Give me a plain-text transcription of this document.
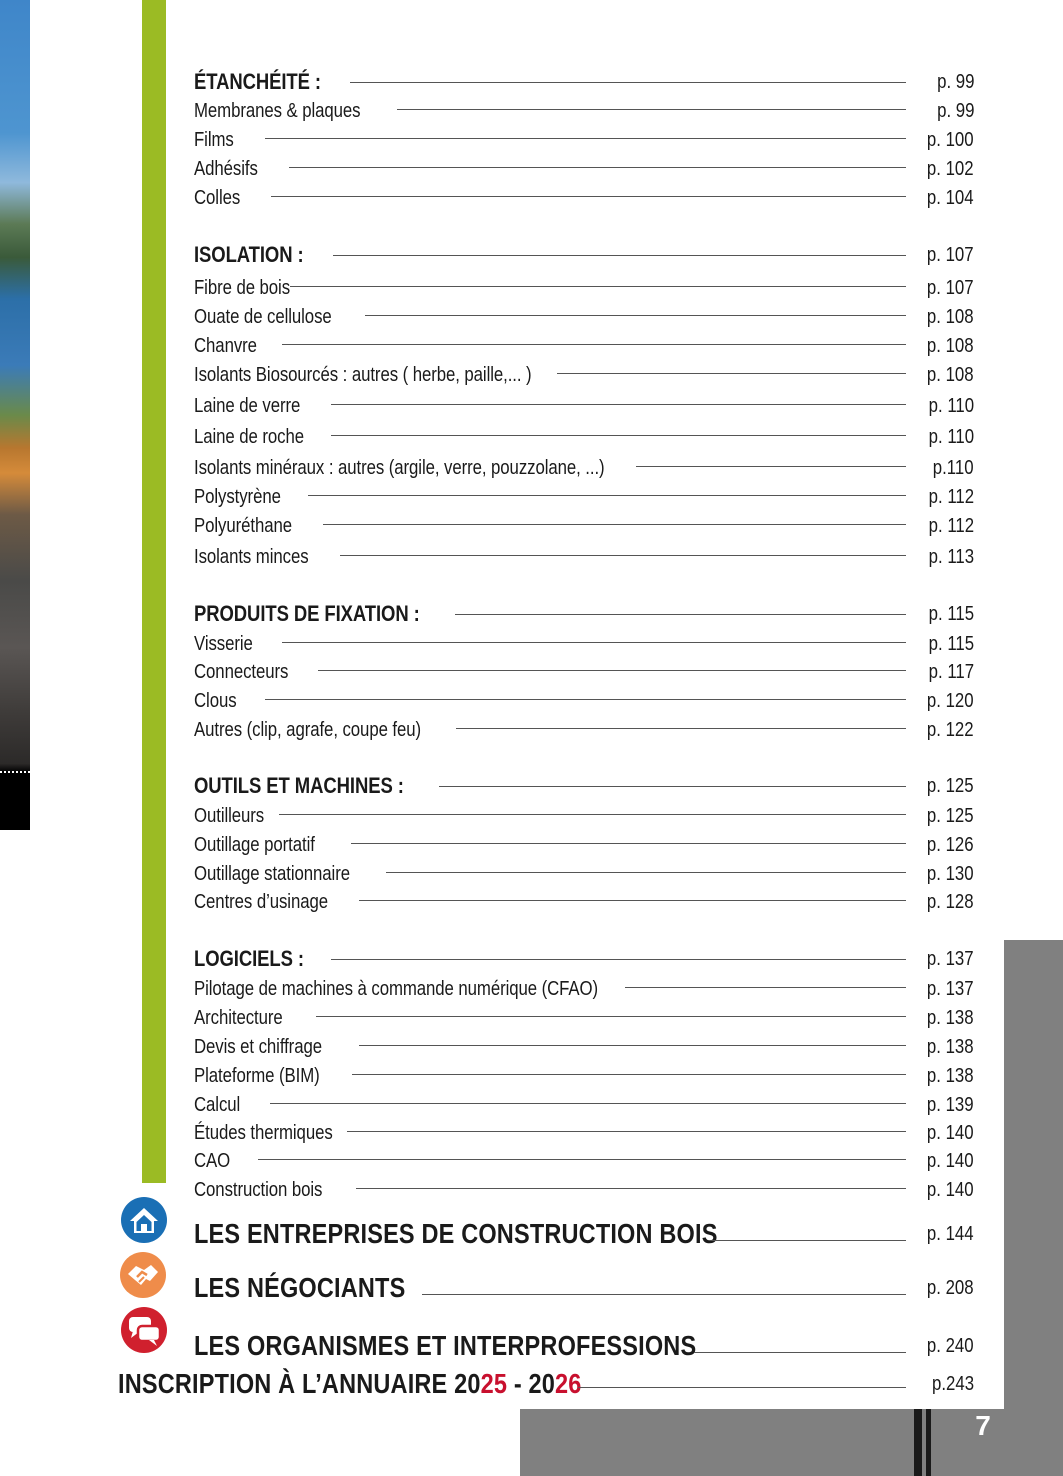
7
ÉTANCHÉITÉ :	p. 99
Membranes & plaques	p. 99
Films	p. 100
Adhésifs	p. 102
Colles	p. 104
ISOLATION :	p. 107
Fibre de bois	p. 107
Ouate de cellulose	p. 108
Chanvre	p. 108
Isolants Biosourcés : autres ( herbe, paille,... )	p. 108
Laine de verre	p. 110
Laine de roche	p. 110
Isolants minéraux : autres (argile, verre, pouzzolane, ...)	p.110
Polystyrène	p. 112
Polyuréthane	p. 112
Isolants minces	p. 113
PRODUITS DE FIXATION :	p. 115
Visserie	p. 115
Connecteurs	p. 117
Clous	p. 120
Autres (clip, agrafe, coupe feu)	p. 122
OUTILS ET MACHINES :	p. 125
Outilleurs	p. 125
Outillage portatif	p. 126
Outillage stationnaire	p. 130
Centres d’usinage	p. 128
LOGICIELS :	p. 137
Pilotage de machines à commande numérique (CFAO)	p. 137
Architecture	p. 138
Devis et chiffrage	p. 138
Plateforme (BIM)	p. 138
Calcul	p. 139
Études thermiques	p. 140
CAO	p. 140
Construction bois	p. 140
LES ENTREPRISES DE CONSTRUCTION BOIS	p. 144
LES NÉGOCIANTS	p. 208
LES ORGANISMES ET INTERPROFESSIONS	p. 240
INSCRIPTION À L’ANNUAIRE 2025 - 2026	p.243
